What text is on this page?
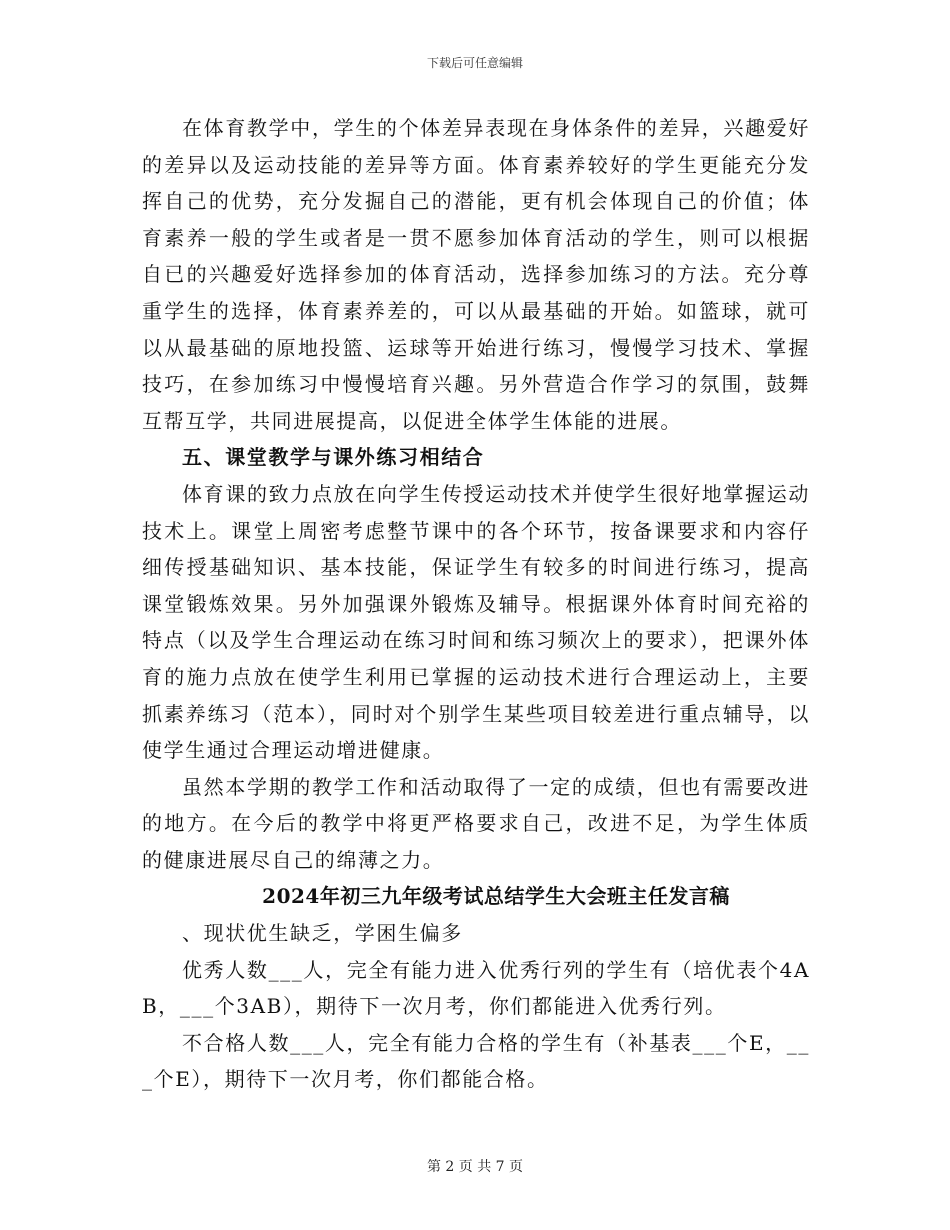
下载后可任意编辑

在体育教学中，学生的个体差异表现在身体条件的差异，兴趣爱好的差异以及运动技能的差异等方面。体育素养较好的学生更能充分发挥自己的优势，充分发掘自己的潜能，更有机会体现自己的价值；体育素养一般的学生或者是一贯不愿参加体育活动的学生，则可以根据自已的兴趣爱好选择参加的体育活动，选择参加练习的方法。充分尊重学生的选择，体育素养差的，可以从最基础的开始。如篮球，就可以从最基础的原地投篮、运球等开始进行练习，慢慢学习技术、掌握技巧，在参加练习中慢慢培育兴趣。另外营造合作学习的氛围，鼓舞互帮互学，共同进展提高，以促进全体学生体能的进展。

五、课堂教学与课外练习相结合

体育课的致力点放在向学生传授运动技术并使学生很好地掌握运动技术上。课堂上周密考虑整节课中的各个环节，按备课要求和内容仔细传授基础知识、基本技能，保证学生有较多的时间进行练习，提高课堂锻炼效果。另外加强课外锻炼及辅导。根据课外体育时间充裕的特点（以及学生合理运动在练习时间和练习频次上的要求），把课外体育的施力点放在使学生利用已掌握的运动技术进行合理运动上，主要抓素养练习（范本），同时对个别学生某些项目较差进行重点辅导，以使学生通过合理运动增进健康。

虽然本学期的教学工作和活动取得了一定的成绩，但也有需要改进的地方。在今后的教学中将更严格要求自己，改进不足，为学生体质的健康进展尽自己的绵薄之力。

2024年初三九年级考试总结学生大会班主任发言稿

、现状优生缺乏，学困生偏多

优秀人数___人，完全有能力进入优秀行列的学生有（培优表个4AB，___个3AB），期待下一次月考，你们都能进入优秀行列。

不合格人数___人，完全有能力合格的学生有（补基表___个E，___个E），期待下一次月考，你们都能合格。

第 2 页 共 7 页
